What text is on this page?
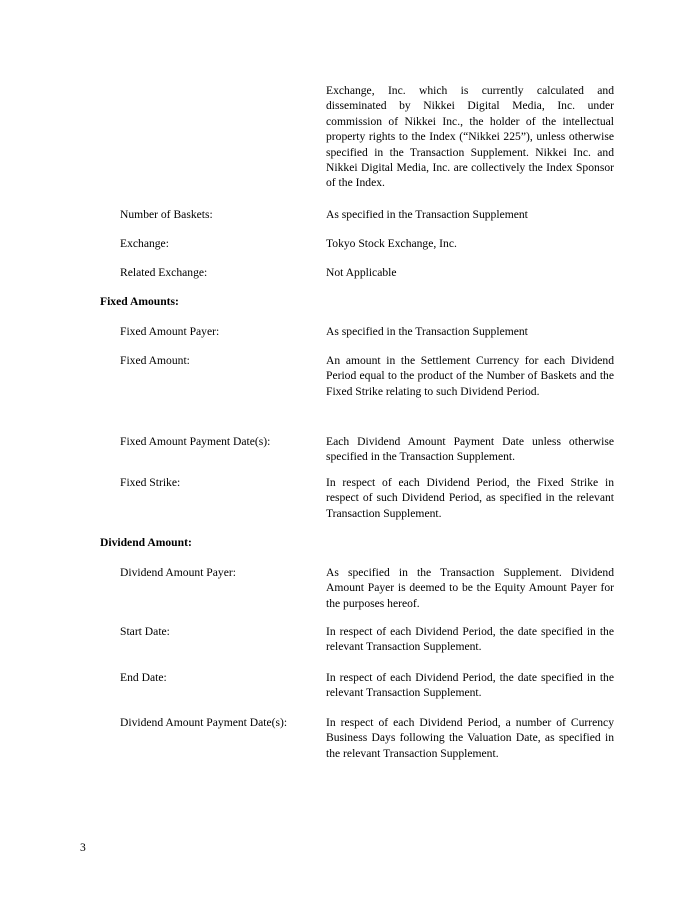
Exchange, Inc. which is currently calculated and disseminated by Nikkei Digital Media, Inc. under commission of Nikkei Inc., the holder of the intellectual property rights to the Index (“Nikkei 225”), unless otherwise specified in the Transaction Supplement. Nikkei Inc. and Nikkei Digital Media, Inc. are collectively the Index Sponsor of the Index.
Number of Baskets:	As specified in the Transaction Supplement
Exchange:	Tokyo Stock Exchange, Inc.
Related Exchange:	Not Applicable
Fixed Amounts:
Fixed Amount Payer:	As specified in the Transaction Supplement
Fixed Amount:	An amount in the Settlement Currency for each Dividend Period equal to the product of the Number of Baskets and the Fixed Strike relating to such Dividend Period.
Fixed Amount Payment Date(s):	Each Dividend Amount Payment Date unless otherwise specified in the Transaction Supplement.
Fixed Strike:	In respect of each Dividend Period, the Fixed Strike in respect of such Dividend Period, as specified in the relevant Transaction Supplement.
Dividend Amount:
Dividend Amount Payer:	As specified in the Transaction Supplement. Dividend Amount Payer is deemed to be the Equity Amount Payer for the purposes hereof.
Start Date:	In respect of each Dividend Period, the date specified in the relevant Transaction Supplement.
End Date:	In respect of each Dividend Period, the date specified in the relevant Transaction Supplement.
Dividend Amount Payment Date(s):	In respect of each Dividend Period, a number of Currency Business Days following the Valuation Date, as specified in the relevant Transaction Supplement.
3
